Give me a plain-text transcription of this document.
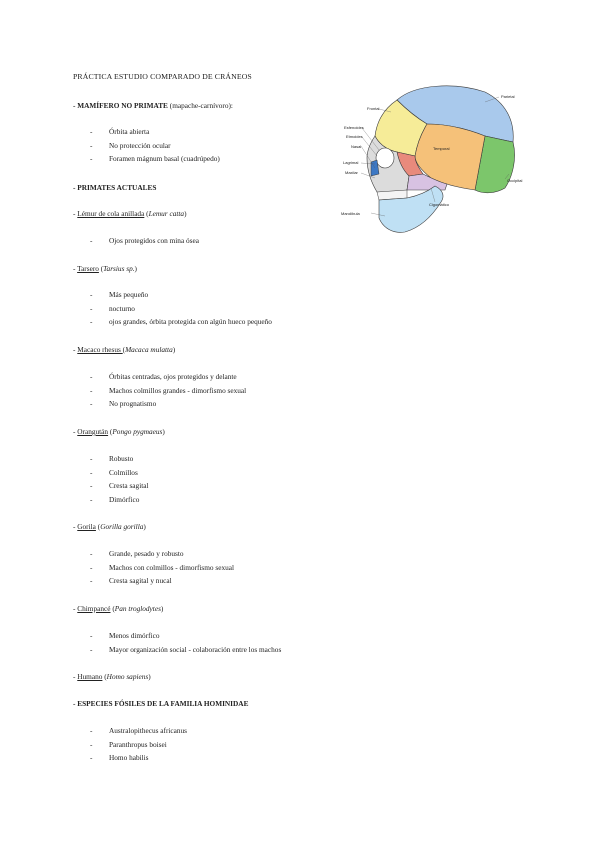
PRÁCTICA ESTUDIO COMPARADO DE CRÁNEOS
- MAMÍFERO NO PRIMATE (mapache-carnívoro):
- Órbita abierta
- No protección ocular
- Foramen mágnum basal (cuadrúpedo)
- PRIMATES ACTUALES
- Lémur de cola anillada (Lemur catta)
- Ojos protegidos con mina ósea
- Tarsero (Tarsius sp.)
- Más pequeño
- nocturno
- ojos grandes, órbita protegida con algún hueco pequeño
- Macaco rhesus (Macaca mulatta)
- Órbitas centradas, ojos protegidos y delante
- Machos colmillos grandes - dimorfismo sexual
- No prognatismo
- Orangután (Pongo pygmaeus)
- Robusto
- Colmillos
- Cresta sagital
- Dimórfico
- Gorila (Gorilla gorilla)
- Grande, pesado y robusto
- Machos con colmillos - dimorfismo sexual
- Cresta sagital y nucal
- Chimpancé (Pan troglodytes)
- Menos dimórfico
- Mayor organización social - colaboración entre los machos
- Humano (Homo sapiens)
- ESPECIES FÓSILES DE LA FAMILIA HOMINIDAE
- Australopithecus africanus
- Paranthropus boisei
- Homo habilis
Parietal
Frontal
Esfenoides
Etmoides
Nasal
Lagrimal
Maxilar
Temporal
Occipital
Cigomático
Mandíbula
